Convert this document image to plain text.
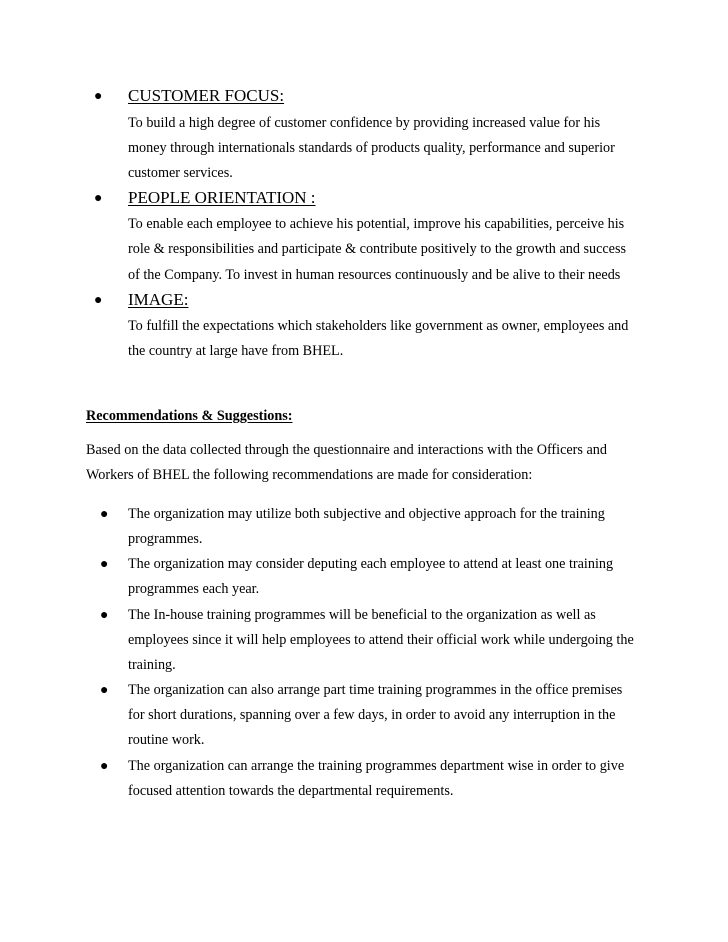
● CUSTOMER FOCUS:
To build a high degree of customer confidence by providing increased value for his
money through internationals standards of products quality, performance and superior
customer services.
● PEOPLE ORIENTATION :
To enable each employee to achieve his potential, improve his capabilities, perceive his
role & responsibilities and participate & contribute positively to the growth and success
of the Company. To invest in human resources continuously and be alive to their needs
● IMAGE:
To fulfill the expectations which stakeholders like government as owner, employees and
the country at large have from BHEL.
Recommendations & Suggestions:
Based on the data collected through the questionnaire and interactions with the Officers and
Workers of BHEL the following recommendations are made for consideration:
● The organization may utilize both subjective and objective approach for the training
programmes.
● The organization may consider deputing each employee to attend at least one training
programmes each year.
● The In-house training programmes will be beneficial to the organization as well as
employees since it will help employees to attend their official work while undergoing the
training.
● The organization can also arrange part time training programmes in the office premises
for short durations, spanning over a few days, in order to avoid any interruption in the
routine work.
● The organization can arrange the training programmes department wise in order to give
focused attention towards the departmental requirements.
